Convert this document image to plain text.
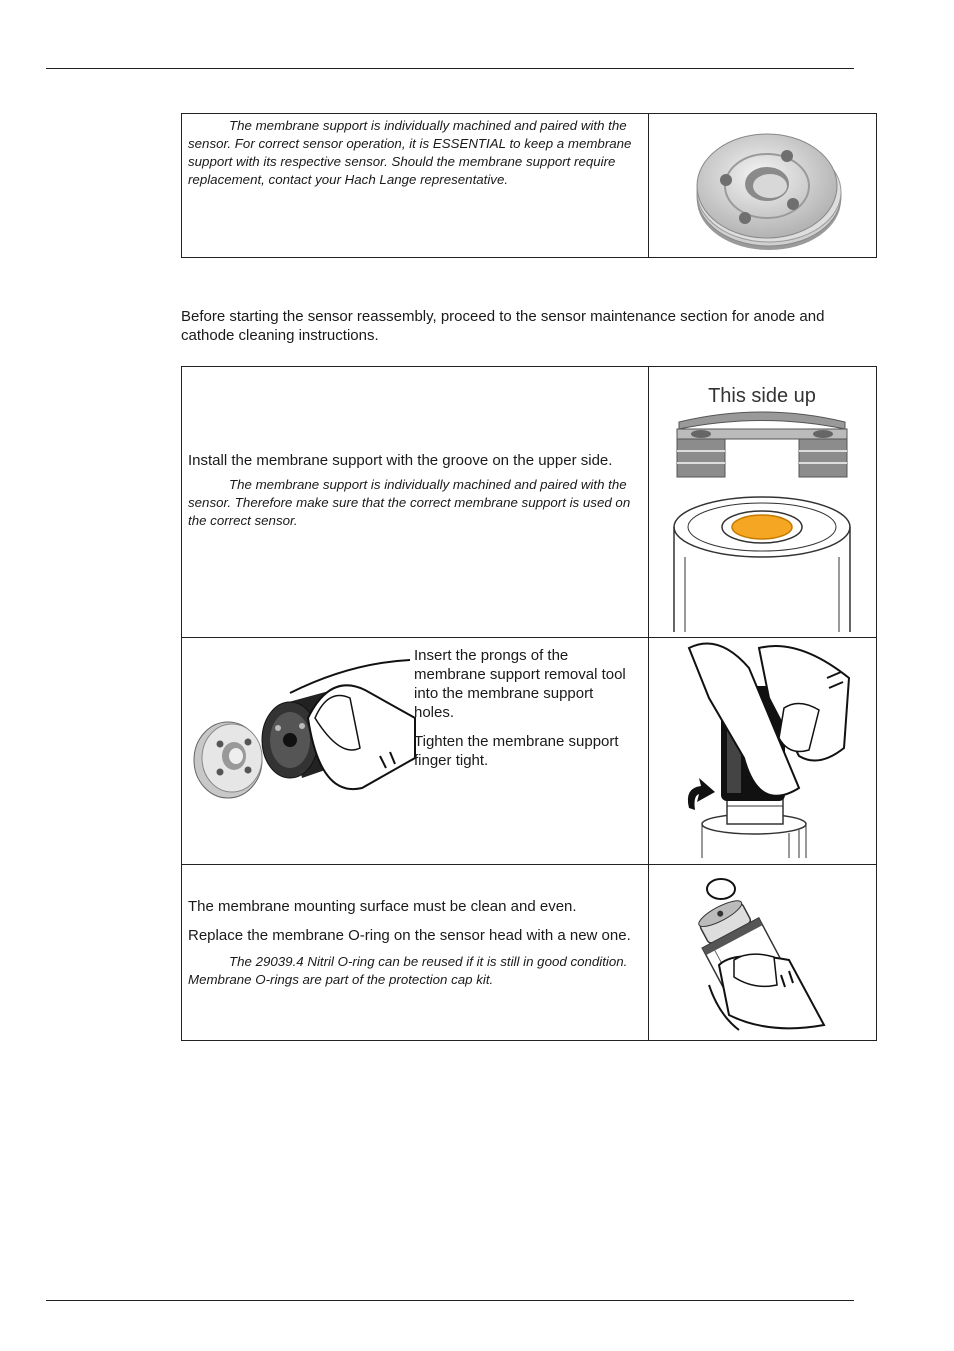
The membrane support is individually machined and paired with the sensor. For correct sensor operation, it is ESSENTIAL to keep a membrane support with its respective sensor. Should the membrane support require replacement, contact your Hach Lange representative.

Before starting the sensor reassembly, proceed to the sensor maintenance section for anode and cathode cleaning instructions.

Install the membrane support with the groove on the upper side.

The membrane support is individually machined and paired with the sensor. Therefore make sure that the correct membrane support is used on the correct sensor.	This side up

Insert the prongs of the membrane support removal tool into the membrane support holes.

Tighten the membrane support finger tight.

The membrane mounting surface must be clean and even.

Replace the membrane O-ring on the sensor head with a new one.

The 29039.4 Nitril O-ring can be reused if it is still in good condition. Membrane O-rings are part of the protection cap kit.
